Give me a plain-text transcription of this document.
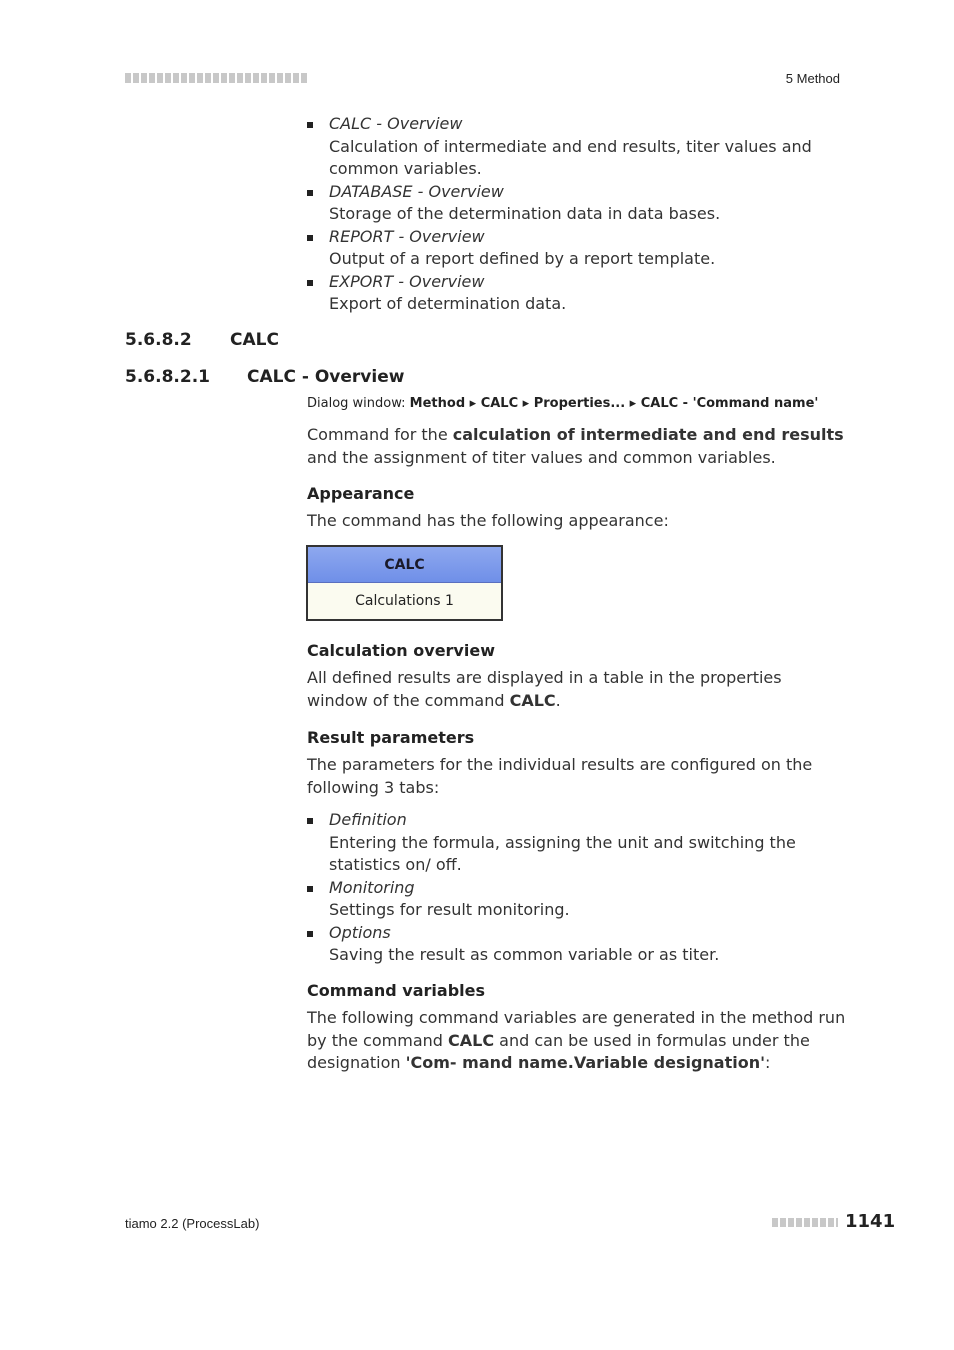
5 Method
CALC - Overview
Calculation of intermediate and end results, titer values and common variables.
DATABASE - Overview
Storage of the determination data in data bases.
REPORT - Overview
Output of a report defined by a report template.
EXPORT - Overview
Export of determination data.
5.6.8.2 CALC
5.6.8.2.1 CALC - Overview
Dialog window: Method ▸ CALC ▸ Properties... ▸ CALC - 'Command name'

Command for the calculation of intermediate and end results and the assignment of titer values and common variables.

Appearance

The command has the following appearance:

CALC
Calculations 1
Calculation overview

All defined results are displayed in a table in the properties window of the command CALC.

Result parameters

The parameters for the individual results are configured on the following 3 tabs:

Definition
Entering the formula, assigning the unit and switching the statistics on/ off.
Monitoring
Settings for result monitoring.
Options
Saving the result as common variable or as titer.
Command variables

The following command variables are generated in the method run by the command CALC and can be used in formulas under the designation 'Com- mand name.Variable designation':

tiamo 2.2 (ProcessLab)	1141
